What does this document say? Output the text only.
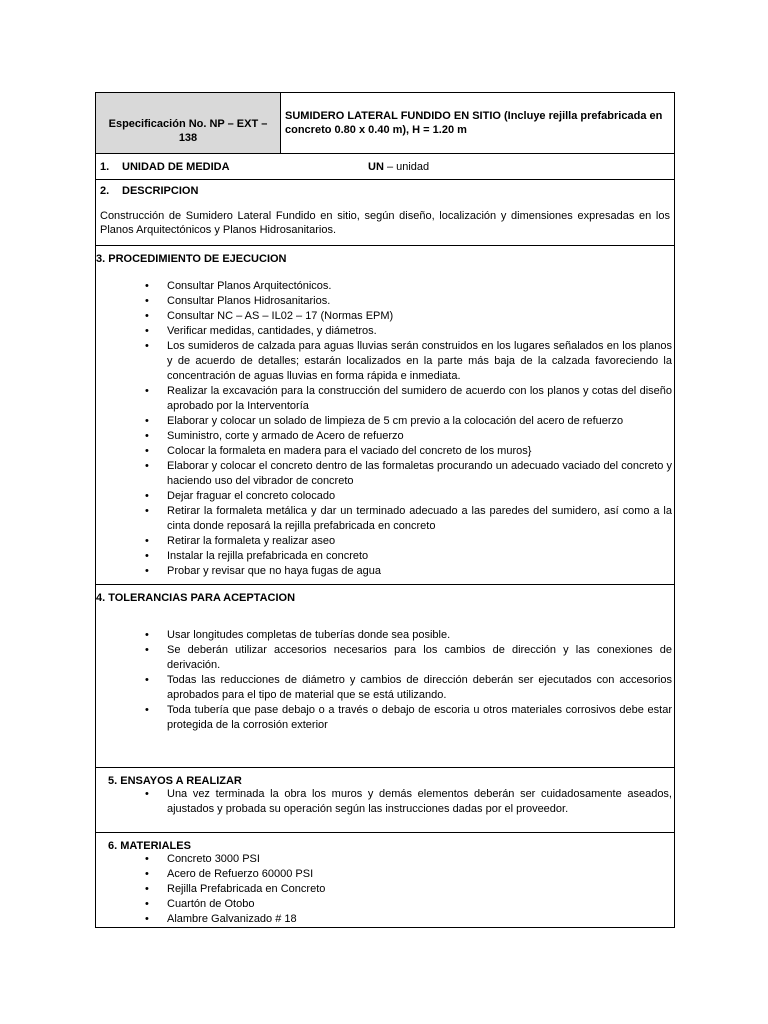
Especificación No. NP – EXT – 138

SUMIDERO LATERAL FUNDIDO EN SITIO (Incluye rejilla prefabricada en concreto 0.80 x 0.40 m), H = 1.20 m

1. UNIDAD DE MEDIDA	UN – unidad

2. DESCRIPCION

Construcción de Sumidero Lateral Fundido en sitio, según diseño, localización y dimensiones expresadas en los Planos Arquitectónicos y Planos Hidrosanitarios.

3. PROCEDIMIENTO DE EJECUCION
• Consultar Planos Arquitectónicos.
• Consultar Planos Hidrosanitarios.
• Consultar NC – AS – IL02 – 17 (Normas EPM)
• Verificar medidas, cantidades, y diámetros.
• Los sumideros de calzada para aguas lluvias serán construidos en los lugares señalados en los planos y de acuerdo de detalles; estarán localizados en la parte más baja de la calzada favoreciendo la concentración de aguas lluvias en forma rápida e inmediata.
• Realizar la excavación para la construcción del sumidero de acuerdo con los planos y cotas del diseño aprobado por la Interventoría
• Elaborar y colocar un solado de limpieza de 5 cm previo a la colocación del acero de refuerzo
• Suministro, corte y armado de Acero de refuerzo
• Colocar la formaleta en madera para el vaciado del concreto de los muros}
• Elaborar y colocar el concreto dentro de las formaletas procurando un adecuado vaciado del concreto y haciendo uso del vibrador de concreto
• Dejar fraguar el concreto colocado
• Retirar la formaleta metálica y dar un terminado adecuado a las paredes del sumidero, así como a la cinta donde reposará la rejilla prefabricada en concreto
• Retirar la formaleta y realizar aseo
• Instalar la rejilla prefabricada en concreto
• Probar y revisar que no haya fugas de agua

4. TOLERANCIAS PARA ACEPTACION
• Usar longitudes completas de tuberías donde sea posible.
• Se deberán utilizar accesorios necesarios para los cambios de dirección y las conexiones de derivación.
• Todas las reducciones de diámetro y cambios de dirección deberán ser ejecutados con accesorios aprobados para el tipo de material que se está utilizando.
• Toda tubería que pase debajo o a través o debajo de escoria u otros materiales corrosivos debe estar protegida de la corrosión exterior

5. ENSAYOS A REALIZAR
• Una vez terminada la obra los muros y demás elementos deberán ser cuidadosamente aseados, ajustados y probada su operación según las instrucciones dadas por el proveedor.

6. MATERIALES
• Concreto 3000 PSI
• Acero de Refuerzo 60000 PSI
• Rejilla Prefabricada en Concreto
• Cuartón de Otobo
• Alambre Galvanizado # 18
